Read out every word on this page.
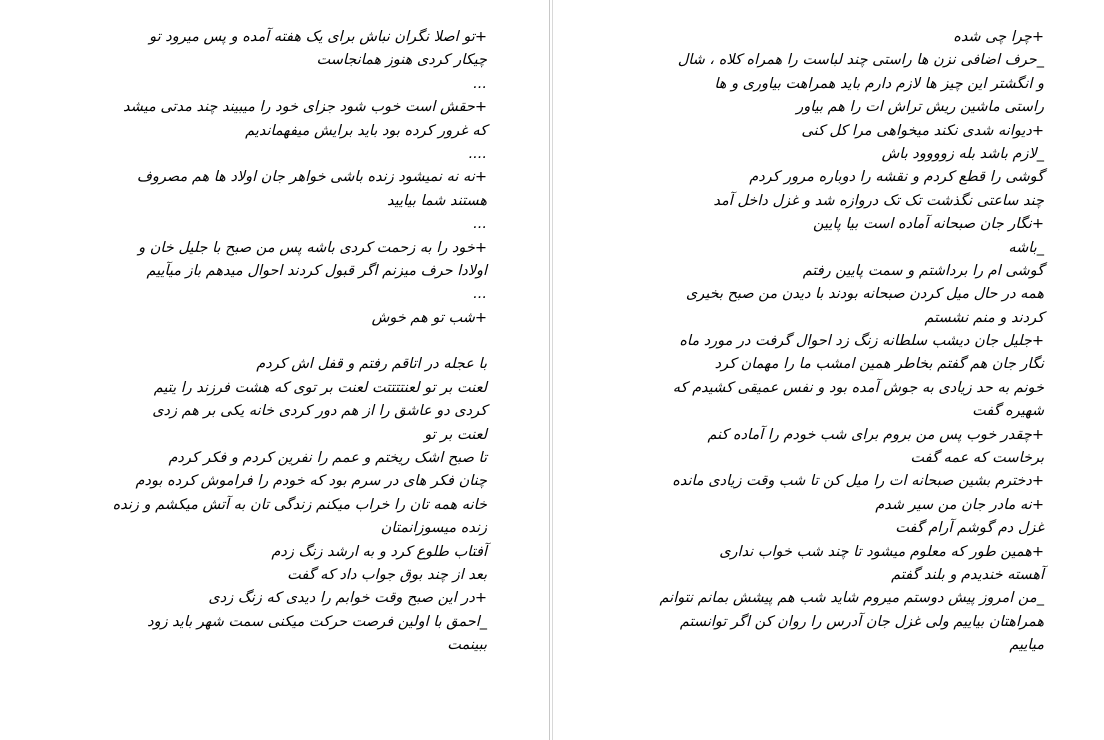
+تو اصلا نگران نباش برای یک هفته آمده و پس میرود تو
چیکار کردی هنوز همانجاست
...
+حقش است خوب شود جزای خود را میبیند چند مدتی میشد
که غرور کرده بود باید برایش میفهماندیم
....
+نه نه نمیشود زنده باشی خواهر جان اولاد ها هم مصروف
هستند شما بیایید
...
+خود را به زحمت کردی باشه پس من صبح با جلیل خان و
اولادا حرف میزنم اگر قبول کردند احوال میدهم باز میآییم
...
+شب تو هم خوش
با عجله در اتاقم رفتم و قفل اش کردم
لعنت بر تو لعنتتتتت لعنت بر توی که هشت فرزند را یتیم
کردی دو عاشق را از هم دور کردی خانه یکی بر هم زدی
لعنت بر تو
تا صبح اشک ریختم و عمم را نفرین کردم و فکر کردم
چنان فکر های در سرم بود که خودم را فراموش کرده بودم
خانه همه تان را خراب میکنم زندگی تان به آتش میکشم و زنده
زنده میسوزانمتان
آفتاب طلوع کرد و به ارشد زنگ زدم
بعد از چند بوق جواب داد که گفت
+در این صبح وقت خوابم را دیدی که زنگ زدی
_احمق با اولین فرصت حرکت میکنی سمت شهر باید زود
ببینمت
+چرا چی شده
_حرف اضافی نزن ها راستی چند لباست را همراه کلاه ، شال
و انگشتر این چیز ها لازم دارم باید همراهت بیاوری و ها
راستی ماشین ریش تراش ات را هم بیاور
+دیوانه شدی نکند میخواهی مرا کل کنی
_لازم باشد بله زوووود باش
گوشی را قطع کردم و نقشه را دوباره مرور کردم
چند ساعتی نگذشت تک تک دروازه شد و غزل داخل آمد
+نگار جان صبحانه آماده است بیا پایین
_باشه
گوشی ام را برداشتم و سمت پایین رفتم
همه در حال میل کردن صبحانه بودند با دیدن من صبح بخیری
کردند و منم نشستم
+جلیل جان دیشب سلطانه زنگ زد احوال گرفت در مورد ماه
نگار جان هم گفتم بخاطر همین امشب ما را مهمان کرد
خونم به حد زیادی به جوش آمده بود و نفس عمیقی کشیدم که
شهیره گفت
+چقدر خوب پس من بروم برای شب خودم را آماده کنم
برخاست که عمه گفت
+دخترم بشین صبحانه ات را میل کن تا شب وقت زیادی مانده
+نه مادر جان من سیر شدم
غزل دم گوشم آرام گفت
+همین طور که معلوم میشود تا چند شب خواب نداری
آهسته خندیدم و بلند گفتم
_من امروز پیش دوستم میروم شاید شب هم پیشش بمانم نتوانم
همراهتان بیاییم ولی غزل جان آدرس را روان کن اگر توانستم
میاییم
